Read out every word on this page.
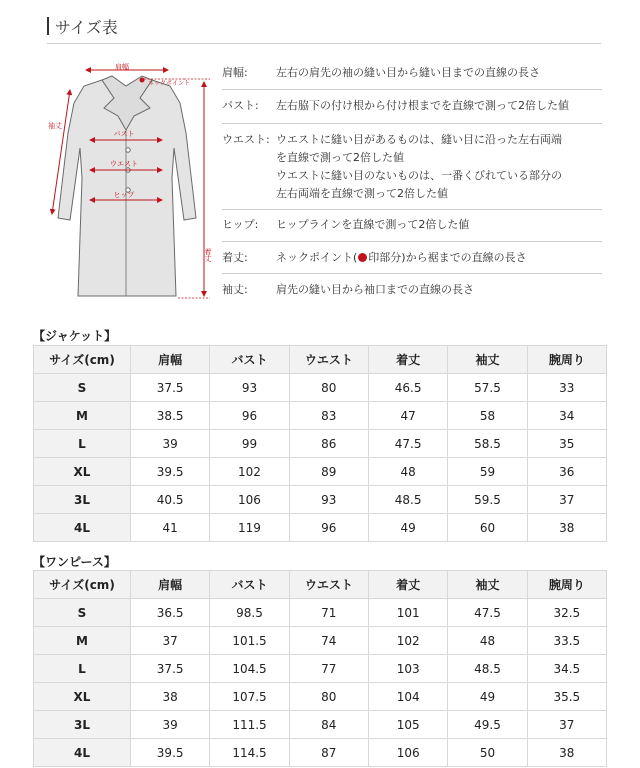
サイズ表
肩幅
ネックポイント
袖丈
バスト
ウエスト
ヒップ
着丈
肩幅:	左右の肩先の袖の縫い目から縫い目までの直線の長さ
バスト:	左右脇下の付け根から付け根までを直線で測って2倍した値
ウエスト: ウエストに縫い目があるものは、縫い目に沿った左右両端
を直線で測って2倍した値
ウエストに縫い目のないものは、一番くびれている部分の
左右両端を直線で測って2倍した値
ヒップ:	ヒップラインを直線で測って2倍した値
着丈:	ネックポイント( 印部分)から裾までの直線の長さ
袖丈:	肩先の縫い目から袖口までの直線の長さ
【ジャケット】
サイズ(cm)	肩幅	バスト	ウエスト	着丈	袖丈	腕周り
S	37.5	93	80	46.5	57.5	33
M	38.5	96	83	47	58	34
L	39	99	86	47.5	58.5	35
XL	39.5	102	89	48	59	36
3L	40.5	106	93	48.5	59.5	37
4L	41	119	96	49	60	38
【ワンピース】
サイズ(cm)	肩幅	バスト	ウエスト	着丈	袖丈	腕周り
S	36.5	98.5	71	101	47.5	32.5
M	37	101.5	74	102	48	33.5
L	37.5	104.5	77	103	48.5	34.5
XL	38	107.5	80	104	49	35.5
3L	39	111.5	84	105	49.5	37
4L	39.5	114.5	87	106	50	38
